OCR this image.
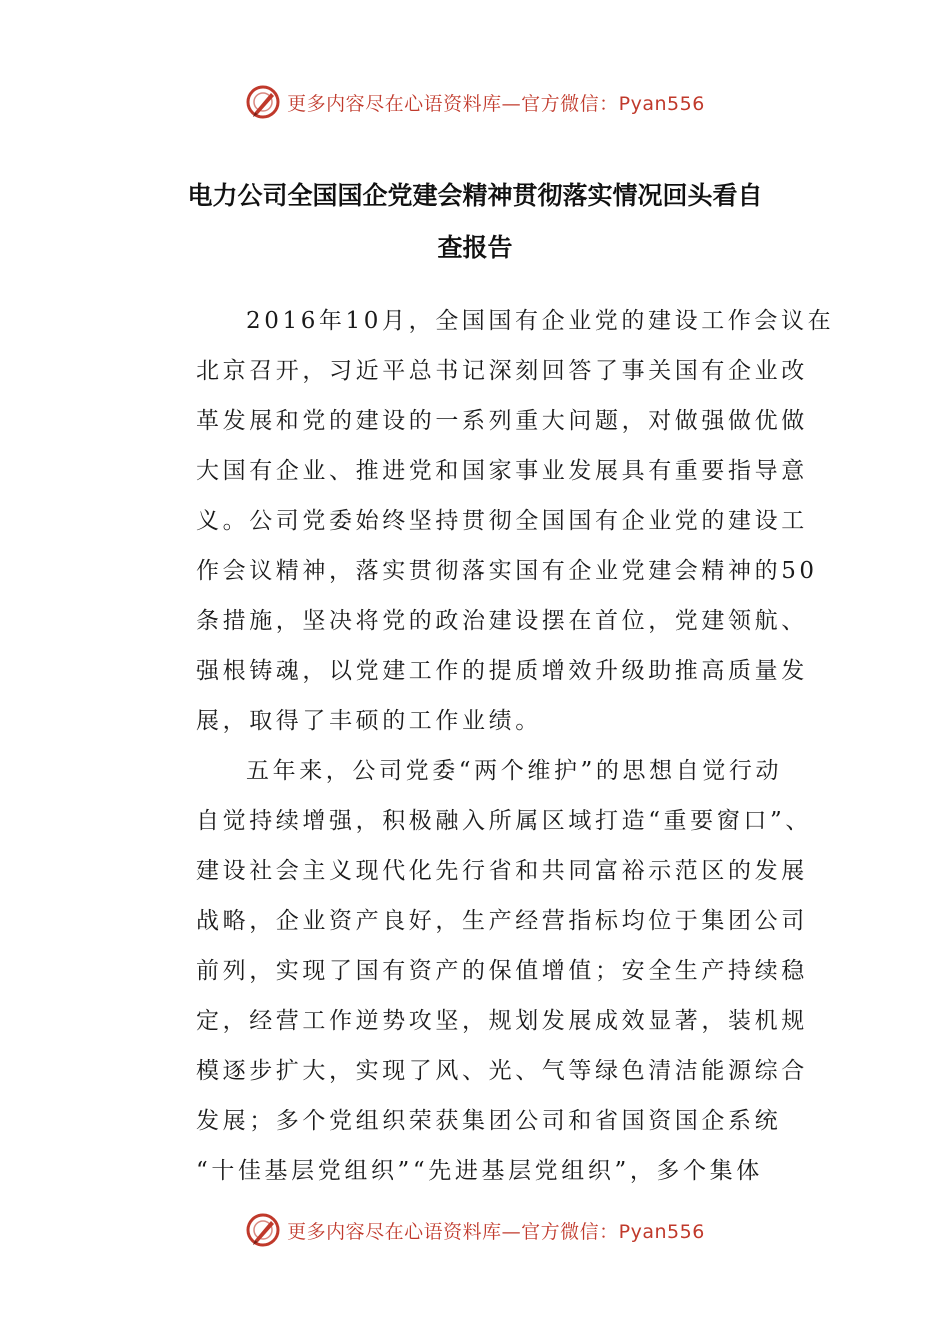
更多内容尽在心语资料库—官方微信：Pyan556
电力公司全国国企党建会精神贯彻落实情况回头看自
查报告
2016年10月，全国国有企业党的建设工作会议在
北京召开，习近平总书记深刻回答了事关国有企业改
革发展和党的建设的一系列重大问题，对做强做优做
大国有企业、推进党和国家事业发展具有重要指导意
义。公司党委始终坚持贯彻全国国有企业党的建设工
作会议精神，落实贯彻落实国有企业党建会精神的50
条措施，坚决将党的政治建设摆在首位，党建领航、
强根铸魂，以党建工作的提质增效升级助推高质量发
展，取得了丰硕的工作业绩。
五年来，公司党委“两个维护”的思想自觉行动
自觉持续增强，积极融入所属区域打造“重要窗口”、
建设社会主义现代化先行省和共同富裕示范区的发展
战略，企业资产良好，生产经营指标均位于集团公司
前列，实现了国有资产的保值增值；安全生产持续稳
定，经营工作逆势攻坚，规划发展成效显著，装机规
模逐步扩大，实现了风、光、气等绿色清洁能源综合
发展；多个党组织荣获集团公司和省国资国企系统
“十佳基层党组织”“先进基层党组织”，多个集体
更多内容尽在心语资料库—官方微信：Pyan556
